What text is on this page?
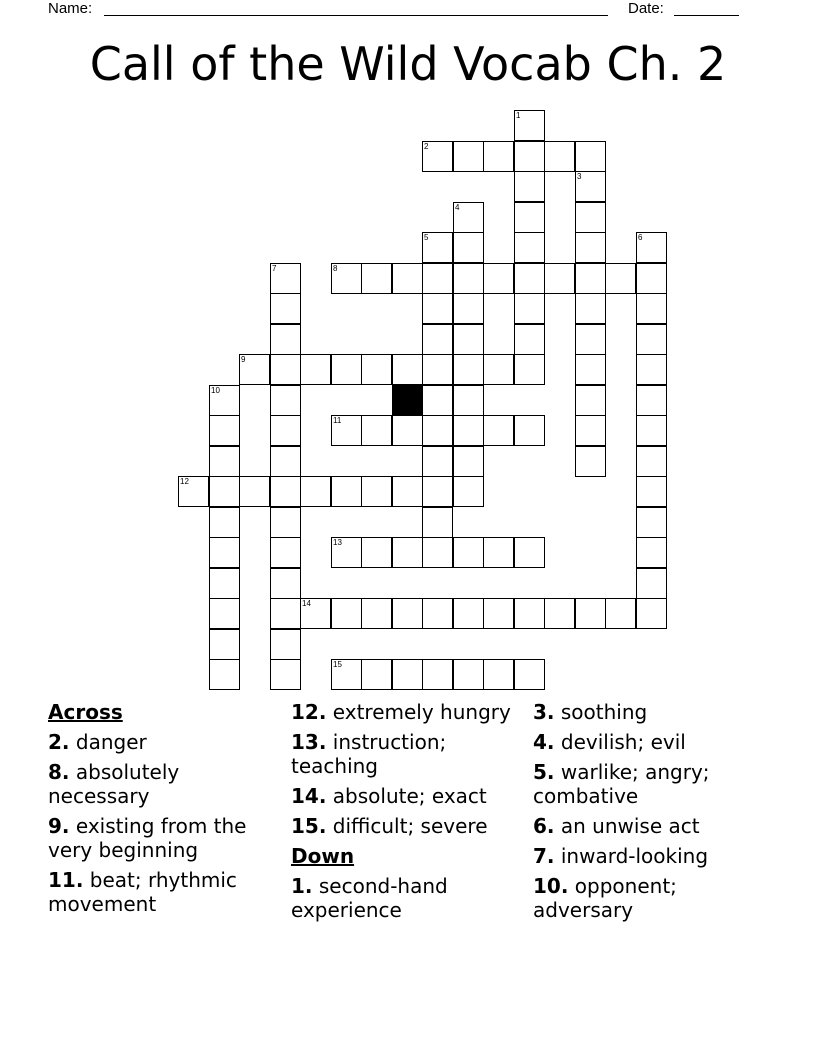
Name:	Date:
Call of the Wild Vocab Ch. 2
1
2
3
4
5	6
7	8
9
10
11
12
13
14
15
Across
2. danger
8. absolutely necessary
9. existing from the very beginning
11. beat; rhythmic movement
12. extremely hungry
13. instruction; teaching
14. absolute; exact
15. difficult; severe
Down
1. second-hand experience
3. soothing
4. devilish; evil
5. warlike; angry; combative
6. an unwise act
7. inward-looking
10. opponent; adversary
